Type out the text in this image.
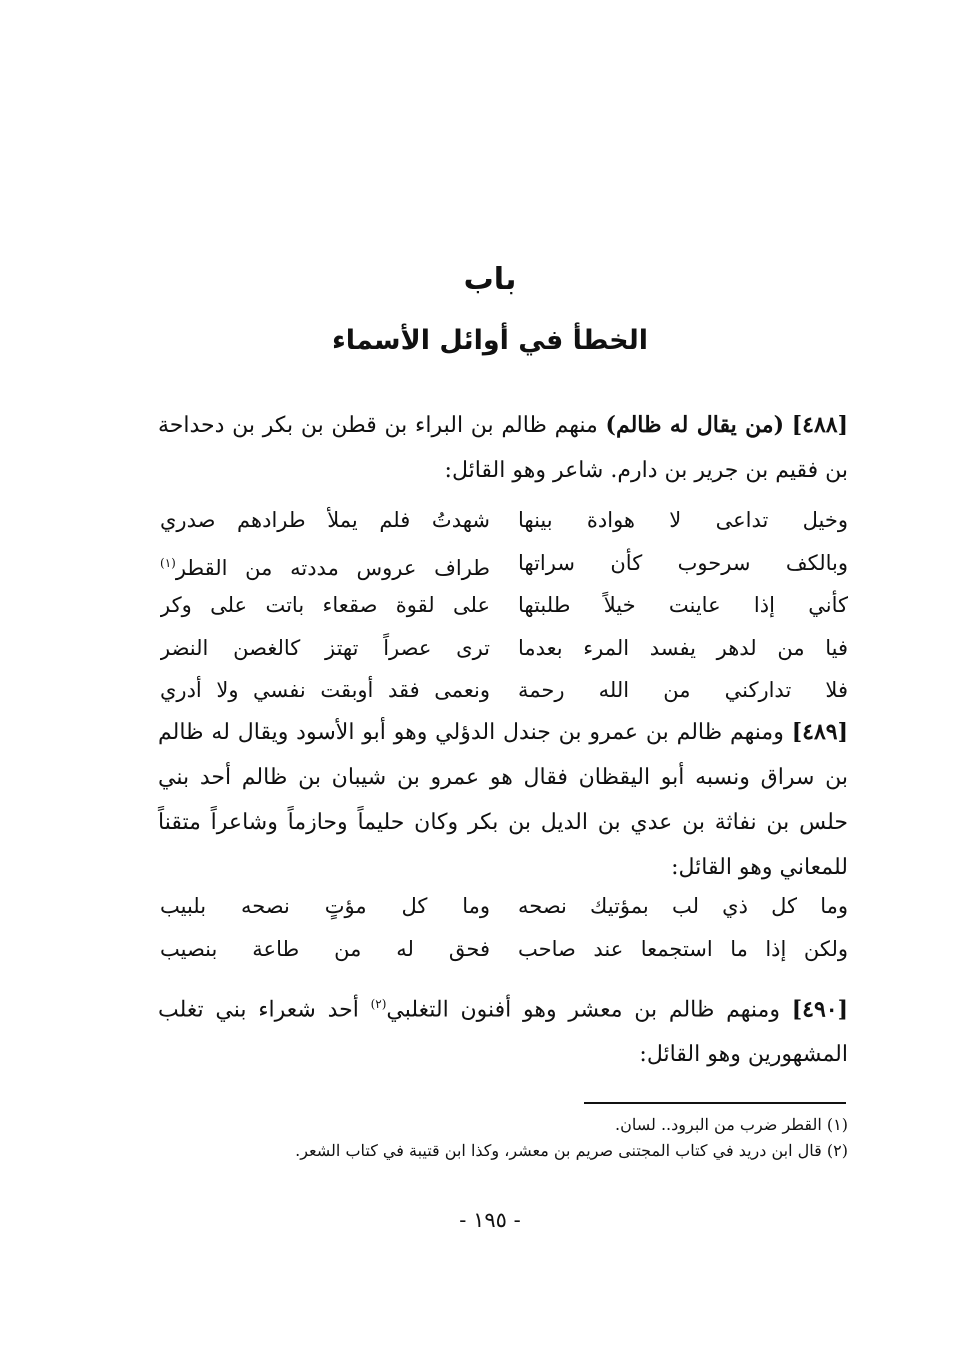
باب
الخطأ في أوائل الأسماء
[٤٨٨] (من يقال له ظالم) منهم ظالم بن البراء بن قطن بن بكر بن دحداحة بن فقيم بن جرير بن دارم. شاعر وهو القائل:
وخيل تداعى لا هوادة بينها
شهدتُ فلم يملأ طرادهم صدري
وبالكف سرحوب كأن سراتها
طراف عروس مددته من القطر$^{(١)}$
كأني إذا عاينت خيلاً طلبتها
على لقوة صقعاء باتت على وكر
فيا من لدهر يفسد المرء بعدما
ترى عصراً تهتز كالغصن النضر
فلا تداركني من الله رحمة
ونعمى فقد أوبقت نفسي ولا أدري
[٤٨٩] ومنهم ظالم بن عمرو بن جندل الدؤلي وهو أبو الأسود ويقال له ظالم بن سراق ونسبه أبو اليقظان فقال هو عمرو بن شيبان بن ظالم أحد بني حلس بن نفاثة بن عدي بن الديل بن بكر وكان حليماً وحازماً وشاعراً متقناً للمعاني وهو القائل:
وما كل ذي لب بمؤتيك نصحه
وما كل مؤتٍ نصحه بلبيب
ولكن إذا ما استجمعا عند صاحب
فحق له من طاعة بنصيب
[٤٩٠] ومنهم ظالم بن معشر وهو أفنون التغلبي$^{(٢)}$ أحد شعراء بني تغلب المشهورين وهو القائل:
(١) القطر ضرب من البرود.. لسان.
(٢) قال ابن دريد في كتاب المجتنى صريم بن معشر، وكذا ابن قتيبة في كتاب الشعر.
- ١٩٥ -
